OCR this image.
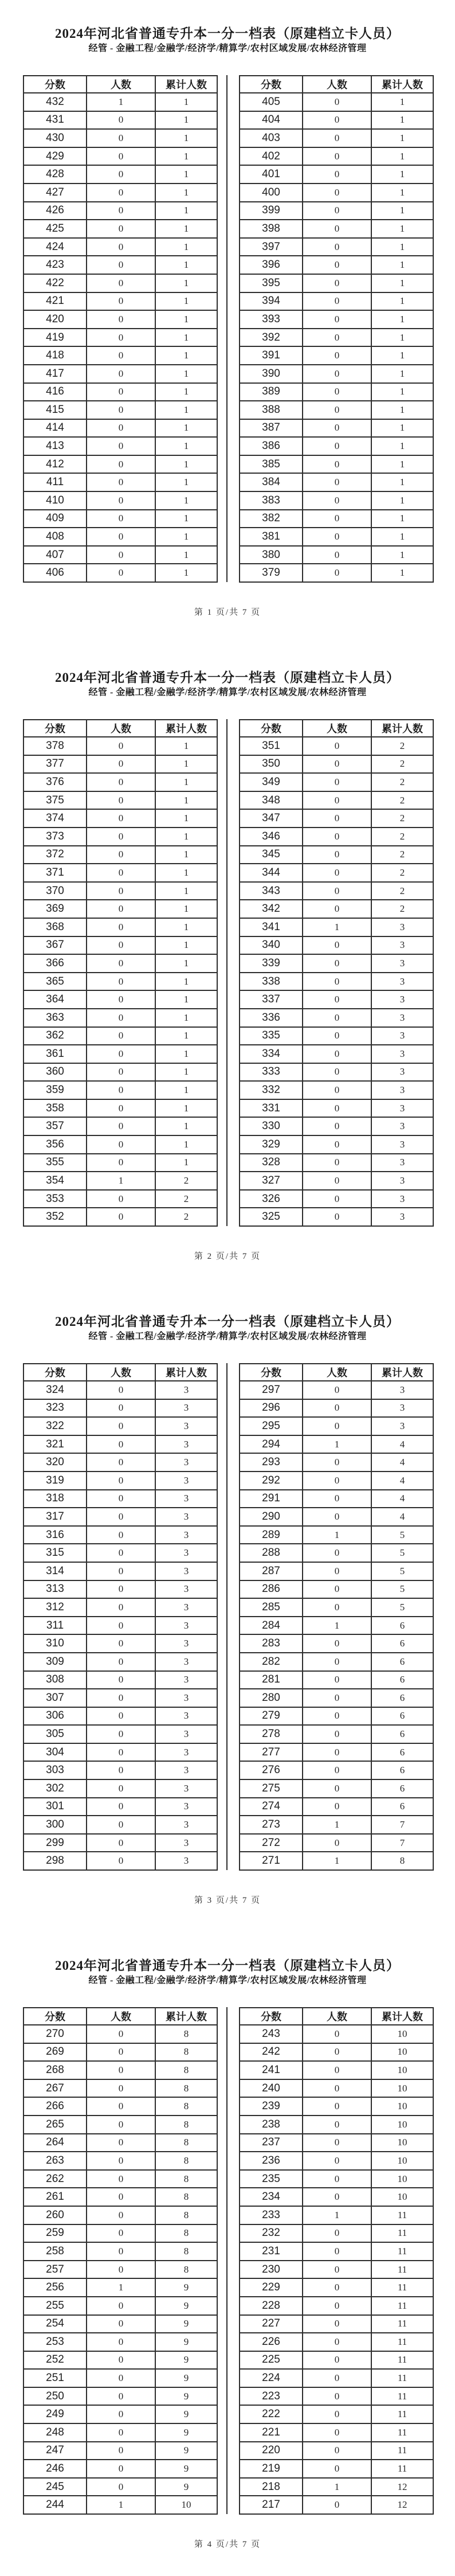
2024年河北省普通专升本一分一档表（原建档立卡人员）
经管 - 金融工程/金融学/经济学/精算学/农村区域发展/农林经济管理
分数	人数	累计人数
432	1	1
431	0	1
430	0	1
429	0	1
428	0	1
427	0	1
426	0	1
425	0	1
424	0	1
423	0	1
422	0	1
421	0	1
420	0	1
419	0	1
418	0	1
417	0	1
416	0	1
415	0	1
414	0	1
413	0	1
412	0	1
411	0	1
410	0	1
409	0	1
408	0	1
407	0	1
406	0	1
分数	人数	累计人数
405	0	1
404	0	1
403	0	1
402	0	1
401	0	1
400	0	1
399	0	1
398	0	1
397	0	1
396	0	1
395	0	1
394	0	1
393	0	1
392	0	1
391	0	1
390	0	1
389	0	1
388	0	1
387	0	1
386	0	1
385	0	1
384	0	1
383	0	1
382	0	1
381	0	1
380	0	1
379	0	1
第 1 页/共 7 页
2024年河北省普通专升本一分一档表（原建档立卡人员）
经管 - 金融工程/金融学/经济学/精算学/农村区域发展/农林经济管理
分数	人数	累计人数
378	0	1
377	0	1
376	0	1
375	0	1
374	0	1
373	0	1
372	0	1
371	0	1
370	0	1
369	0	1
368	0	1
367	0	1
366	0	1
365	0	1
364	0	1
363	0	1
362	0	1
361	0	1
360	0	1
359	0	1
358	0	1
357	0	1
356	0	1
355	0	1
354	1	2
353	0	2
352	0	2
分数	人数	累计人数
351	0	2
350	0	2
349	0	2
348	0	2
347	0	2
346	0	2
345	0	2
344	0	2
343	0	2
342	0	2
341	1	3
340	0	3
339	0	3
338	0	3
337	0	3
336	0	3
335	0	3
334	0	3
333	0	3
332	0	3
331	0	3
330	0	3
329	0	3
328	0	3
327	0	3
326	0	3
325	0	3
第 2 页/共 7 页
2024年河北省普通专升本一分一档表（原建档立卡人员）
经管 - 金融工程/金融学/经济学/精算学/农村区域发展/农林经济管理
分数	人数	累计人数
324	0	3
323	0	3
322	0	3
321	0	3
320	0	3
319	0	3
318	0	3
317	0	3
316	0	3
315	0	3
314	0	3
313	0	3
312	0	3
311	0	3
310	0	3
309	0	3
308	0	3
307	0	3
306	0	3
305	0	3
304	0	3
303	0	3
302	0	3
301	0	3
300	0	3
299	0	3
298	0	3
分数	人数	累计人数
297	0	3
296	0	3
295	0	3
294	1	4
293	0	4
292	0	4
291	0	4
290	0	4
289	1	5
288	0	5
287	0	5
286	0	5
285	0	5
284	1	6
283	0	6
282	0	6
281	0	6
280	0	6
279	0	6
278	0	6
277	0	6
276	0	6
275	0	6
274	0	6
273	1	7
272	0	7
271	1	8
第 3 页/共 7 页
2024年河北省普通专升本一分一档表（原建档立卡人员）
经管 - 金融工程/金融学/经济学/精算学/农村区域发展/农林经济管理
分数	人数	累计人数
270	0	8
269	0	8
268	0	8
267	0	8
266	0	8
265	0	8
264	0	8
263	0	8
262	0	8
261	0	8
260	0	8
259	0	8
258	0	8
257	0	8
256	1	9
255	0	9
254	0	9
253	0	9
252	0	9
251	0	9
250	0	9
249	0	9
248	0	9
247	0	9
246	0	9
245	0	9
244	1	10
分数	人数	累计人数
243	0	10
242	0	10
241	0	10
240	0	10
239	0	10
238	0	10
237	0	10
236	0	10
235	0	10
234	0	10
233	1	11
232	0	11
231	0	11
230	0	11
229	0	11
228	0	11
227	0	11
226	0	11
225	0	11
224	0	11
223	0	11
222	0	11
221	0	11
220	0	11
219	0	11
218	1	12
217	0	12
第 4 页/共 7 页
